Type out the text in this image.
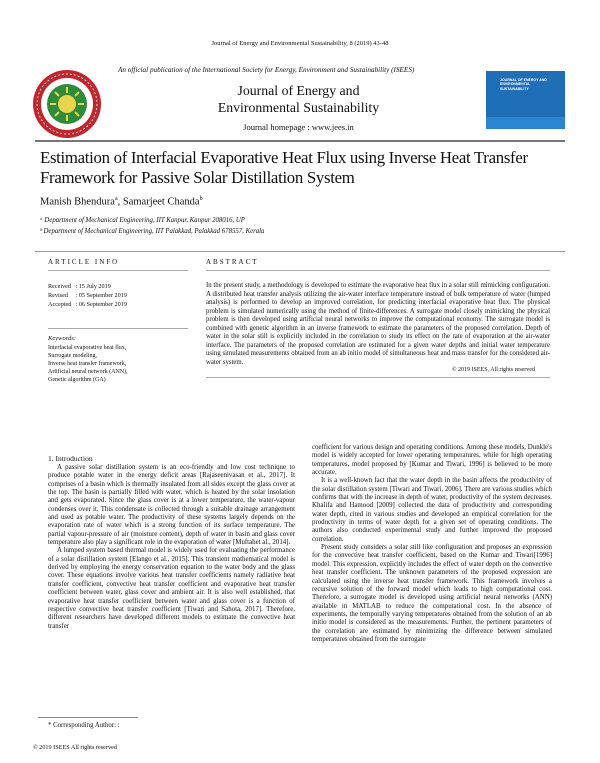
Journal of Energy and Environmental Sustainability, 8 (2019) 43-48
An official publication of the International Society for Energy, Environment and Sustainability (ISEES)
Journal of Energy and
Environmental Sustainability
Journal homepage : www.jees.in
JOURNAL OF ENERGY AND ENVIRONMENTAL SUSTAINABILITY
Estimation of Interfacial Evaporative Heat Flux using Inverse Heat Transfer Framework for Passive Solar Distillation System
Manish Bhendura$^a$, Samarjeet Chanda$^b$
ᵃ Department of Mechanical Engineering, IIT Kanpur, Kanpur 208016, UP
ᵇ Department of Mechanical Engineering, IIT Palakkad, Palakkad 678557, Kerala
ARTICLE INFO
Received : 15 July 2019
Revised : 05 September 2019
Accepted : 06 September 2019
Keywords:
Interfacial evaporative heat flux,
Surrogate modeling,
Inverse heat transfer framework,
Artificial neural network (ANN),
Genetic algorithm (GA)
ABSTRACT
In the present study, a methodology is developed to estimate the evaporative heat flux in a solar still mimicking configuration. A distributed heat transfer analysis utilizing the air-water interface temperature instead of bulk temperature of water (lumped analysis) is performed to develop an improved correlation, for predicting interfacial evaporative heat flux. The physical problem is simulated numerically using the method of finite-differences. A surrogate model closely mimicking the physical problem is then developed using artificial neural networks to improve the computational economy. The surrogate model is combined with genetic algorithm in an inverse framework to estimate the parameters of the proposed correlation. Depth of water in the solar still is explicitly included in the correlation to study its effect on the rate of evaporation at the air-water interface. The parameters of the proposed correlation are estimated for a given water depths and initial water temperature using simulated measurements obtained from an ab initio model of simultaneous heat and mass transfer for the considered air-water system.
© 2019 ISEES, All rights reserved
1. Introduction

A passive solar distillation system is an eco-friendly and low cost technique to produce potable water in the energy deficit areas [Rajaseenivasan et al., 2017]. It comprises of a basin which is thermally insulated from all sides except the glass cover at the top. The basin is partially filled with water, which is heated by the solar insolation and gets evaporated. Since the glass cover is at a lower temperature, the water-vapour condenses over it. This condensate is collected through a suitable drainage arrangement and used as potable water. The productivity of these systems largely depends on the evaporation rate of water which is a strong function of its surface temperature. The partial vapour-pressure of air (moisture content), depth of water in basin and glass cover temperature also play a significant role in the evaporation of water [Muftahet al., 2014].

A lumped system based thermal model is widely used for evaluating the performance of a solar distillation system [Elango et al., 2015]. This transient mathematical model is derived by employing the energy conservation equation to the water body and the glass cover. These equations involve various heat transfer coefficients namely radiative heat transfer coefficient, convective heat transfer coefficient and evaporative heat transfer coefficient between water, glass cover and ambient air. It is also well established, that evaporative heat transfer coefficient between water and glass cover is a function of respective convective heat transfer coefficient [Tiwari and Sahota, 2017]. Therefore, different researchers have developed different models to estimate the convective heat transfer

coefficient for various design and operating conditions. Among these models, Dunkle's model is widely accepted for lower operating temperatures, while for high operating temperatures, model proposed by [Kumar and Tiwari, 1996] is believed to be more accurate.

It is a well-known fact that the water depth in the basin affects the productivity of the solar distillation system [Tiwari and Tiwari, 2006]. There are various studies which confirms that with the increase in depth of water, productivity of the system decreases. Khalifa and Hamood [2009] collected the data of productivity and corresponding water depth, cited in various studies and developed an empirical correlation for the productivity in terms of water depth for a given set of operating conditions. The authors also conducted experimental study and further improved the proposed correlation.

Present study considers a solar still like configuration and proposes an expression for the convective heat transfer coefficient, based on the Kumar and Tiwari[1996] model. This expression, explicitly includes the effect of water depth on the convective heat transfer coefficient. The unknown parameters of the proposed expression are calculated using the inverse heat transfer framework. This framework involves a recursive solution of the forward model which leads to high computational cost. Therefore, a surrogate model is developed using artificial neural networks (ANN) available in MATLAB to reduce the computational cost. In the absence of experiments, the temporally varying temperatures obtained from the solution of an ab initio model is considered as the measurements. Further, the pertinent parameters of the correlation are estimated by minimizing the difference between simulated temperatures obtained from the surrogate

* Corresponding Author: :
© 2019 ISEES All rights reserved
